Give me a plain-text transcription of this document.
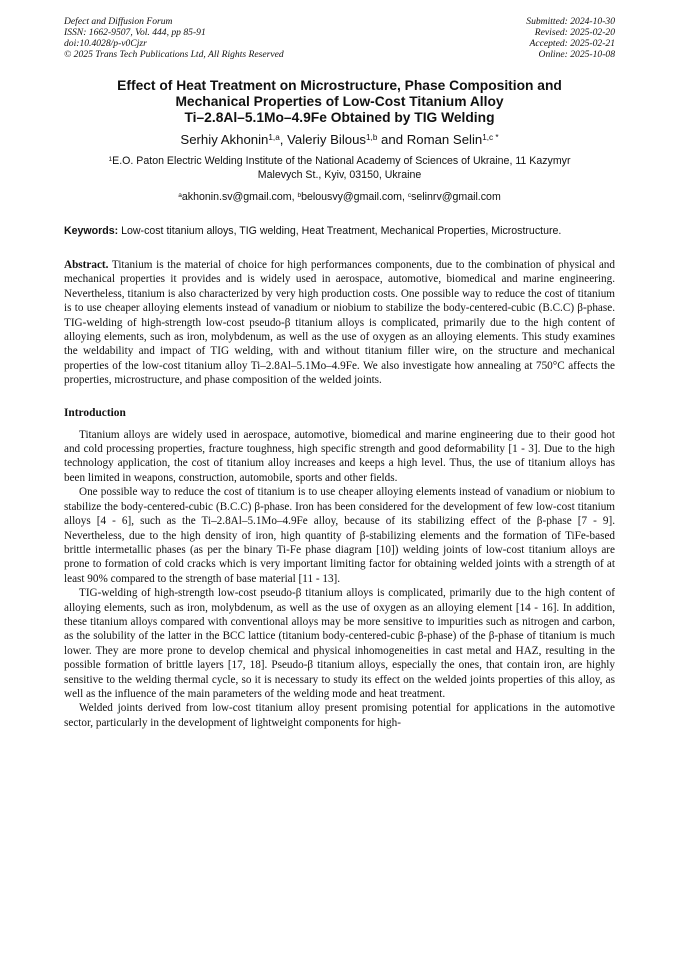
Defect and Diffusion Forum
ISSN: 1662-9507, Vol. 444, pp 85-91
doi:10.4028/p-v0Cjzr
© 2025 Trans Tech Publications Ltd, All Rights Reserved
Submitted: 2024-10-30
Revised: 2025-02-20
Accepted: 2025-02-21
Online: 2025-10-08
Effect of Heat Treatment on Microstructure, Phase Composition and
Mechanical Properties of Low-Cost Titanium Alloy
Ti–2.8Al–5.1Mo–4.9Fe Obtained by TIG Welding
Serhiy Akhonin$^{1,a}$, Valeriy Bilous$^{1,b}$ and Roman Selin$^{1,c *}$
$^1$E.O. Paton Electric Welding Institute of the National Academy of Sciences of Ukraine, 11 Kazymyr
Malevych St., Kyiv, 03150, Ukraine
$^a$akhonin.sv@gmail.com, $^b$belousvy@gmail.com, $^c$selinrv@gmail.com
Keywords: Low-cost titanium alloys, TIG welding, Heat Treatment, Mechanical Properties, Microstructure.
Abstract. Titanium is the material of choice for high performances components, due to the combination of physical and mechanical properties it provides and is widely used in aerospace, automotive, biomedical and marine engineering. Nevertheless, titanium is also characterized by very high production costs. One possible way to reduce the cost of titanium is to use cheaper alloying elements instead of vanadium or niobium to stabilize the body-centered-cubic (B.C.C) β-phase. TIG-welding of high-strength low-cost pseudo-β titanium alloys is complicated, primarily due to the high content of alloying elements, such as iron, molybdenum, as well as the use of oxygen as an alloying elements. This study examines the weldability and impact of TIG welding, with and without titanium filler wire, on the structure and mechanical properties of the low-cost titanium alloy Ti–2.8Al–5.1Mo–4.9Fe. We also investigate how annealing at 750°C affects the properties, microstructure, and phase composition of the welded joints.
Introduction

Titanium alloys are widely used in aerospace, automotive, biomedical and marine engineering due to their good hot and cold processing properties, fracture toughness, high specific strength and good deformability [1 - 3]. Due to the high technology application, the cost of titanium alloy increases and keeps a high level. Thus, the use of titanium alloys has been limited in weapons, construction, automobile, sports and other fields.

One possible way to reduce the cost of titanium is to use cheaper alloying elements instead of vanadium or niobium to stabilize the body-centered-cubic (B.C.C) β-phase. Iron has been considered for the development of few low-cost titanium alloys [4 - 6], such as the Ti–2.8Al–5.1Mo–4.9Fe alloy, because of its stabilizing effect of the β-phase [7 - 9]. Nevertheless, due to the high density of iron, high quantity of β-stabilizing elements and the formation of TiFe-based brittle intermetallic phases (as per the binary Ti-Fe phase diagram [10]) welding joints of low-cost titanium alloys are prone to formation of cold cracks which is very important limiting factor for obtaining welded joints with a strength of at least 90% compared to the strength of base material [11 - 13].

TIG-welding of high-strength low-cost pseudo-β titanium alloys is complicated, primarily due to the high content of alloying elements, such as iron, molybdenum, as well as the use of oxygen as an alloying element [14 - 16]. In addition, these titanium alloys compared with conventional alloys may be more sensitive to impurities such as nitrogen and carbon, as the solubility of the latter in the BCC lattice (titanium body-centered-cubic β-phase) of the β-phase of titanium is much lower. They are more prone to develop chemical and physical inhomogeneities in cast metal and HAZ, resulting in the possible formation of brittle layers [17, 18]. Pseudo-β titanium alloys, especially the ones, that contain iron, are highly sensitive to the welding thermal cycle, so it is necessary to study its effect on the welded joints properties of this alloy, as well as the influence of the main parameters of the welding mode and heat treatment.

Welded joints derived from low-cost titanium alloy present promising potential for applications in the automotive sector, particularly in the development of lightweight components for high-
